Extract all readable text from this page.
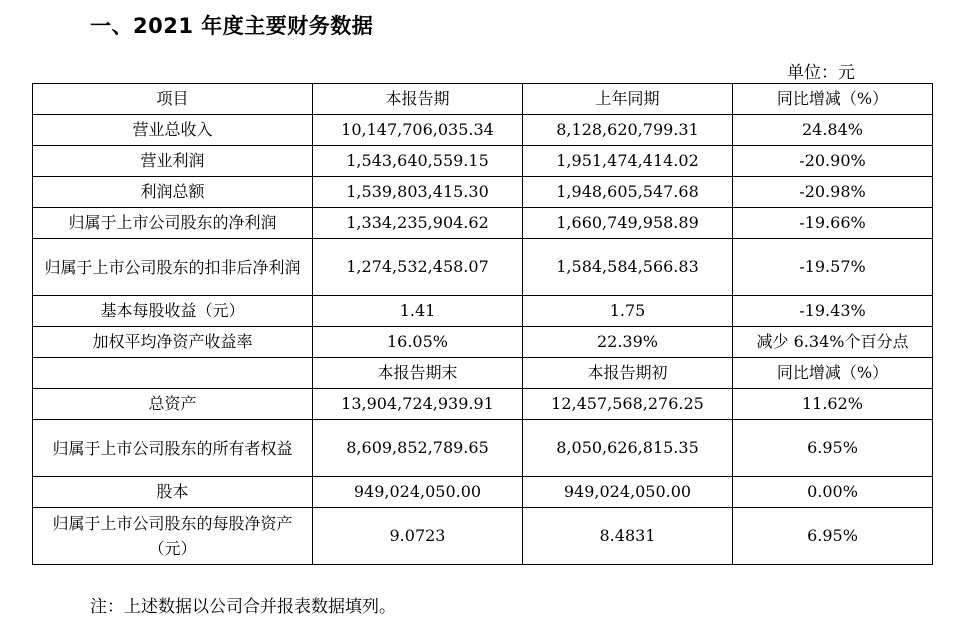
一、2021 年度主要财务数据
单位：元
项目	本报告期	上年同期	同比增减（%）
营业总收入	10,147,706,035.34	8,128,620,799.31	24.84%
营业利润	1,543,640,559.15	1,951,474,414.02	-20.90%
利润总额	1,539,803,415.30	1,948,605,547.68	-20.98%
归属于上市公司股东的净利润	1,334,235,904.62	1,660,749,958.89	-19.66%
归属于上市公司股东的扣非后净利润	1,274,532,458.07	1,584,584,566.83	-19.57%
基本每股收益（元）	1.41	1.75	-19.43%
加权平均净资产收益率	16.05%	22.39%	减少 6.34%个百分点
	本报告期末	本报告期初	同比增减（%）
总资产	13,904,724,939.91	12,457,568,276.25	11.62%
归属于上市公司股东的所有者权益	8,609,852,789.65	8,050,626,815.35	6.95%
股本	949,024,050.00	949,024,050.00	0.00%
归属于上市公司股东的每股净资产（元）	9.0723	8.4831	6.95%
注：上述数据以公司合并报表数据填列。
